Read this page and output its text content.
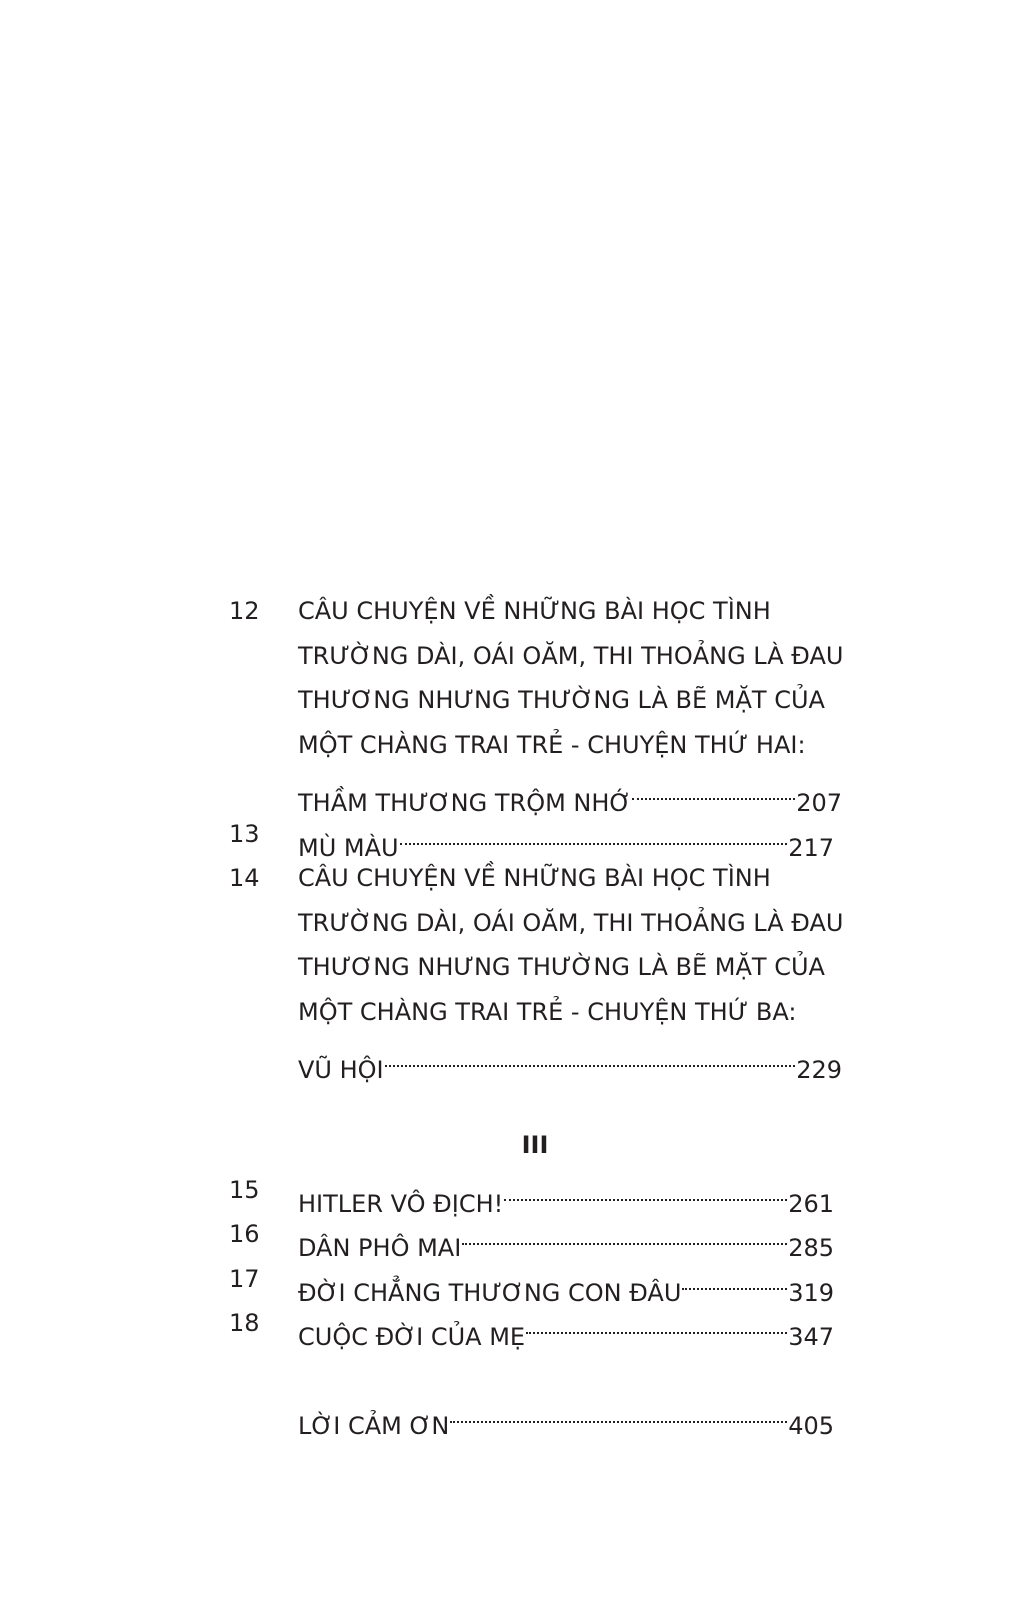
12 CÂU CHUYỆN VỀ NHỮNG BÀI HỌC TÌNH
TRƯỜNG DÀI, OÁI OĂM, THI THOẢNG LÀ ĐAU
THƯƠNG NHƯNG THƯỜNG LÀ BẼ MẶT CỦA
MỘT CHÀNG TRAI TRẺ - CHUYỆN THỨ HAI:
THẦM THƯƠNG TRỘM NHỚ	207
13 MÙ MÀU	217
14 CÂU CHUYỆN VỀ NHỮNG BÀI HỌC TÌNH
TRƯỜNG DÀI, OÁI OĂM, THI THOẢNG LÀ ĐAU
THƯƠNG NHƯNG THƯỜNG LÀ BẼ MẶT CỦA
MỘT CHÀNG TRAI TRẺ - CHUYỆN THỨ BA:
VŨ HỘI	229
III
15 HITLER VÔ ĐỊCH!	261
16 DÂN PHÔ MAI	285
17 ĐỜI CHẲNG THƯƠNG CON ĐÂU	319
18 CUỘC ĐỜI CỦA MẸ	347
LỜI CẢM ƠN	405
